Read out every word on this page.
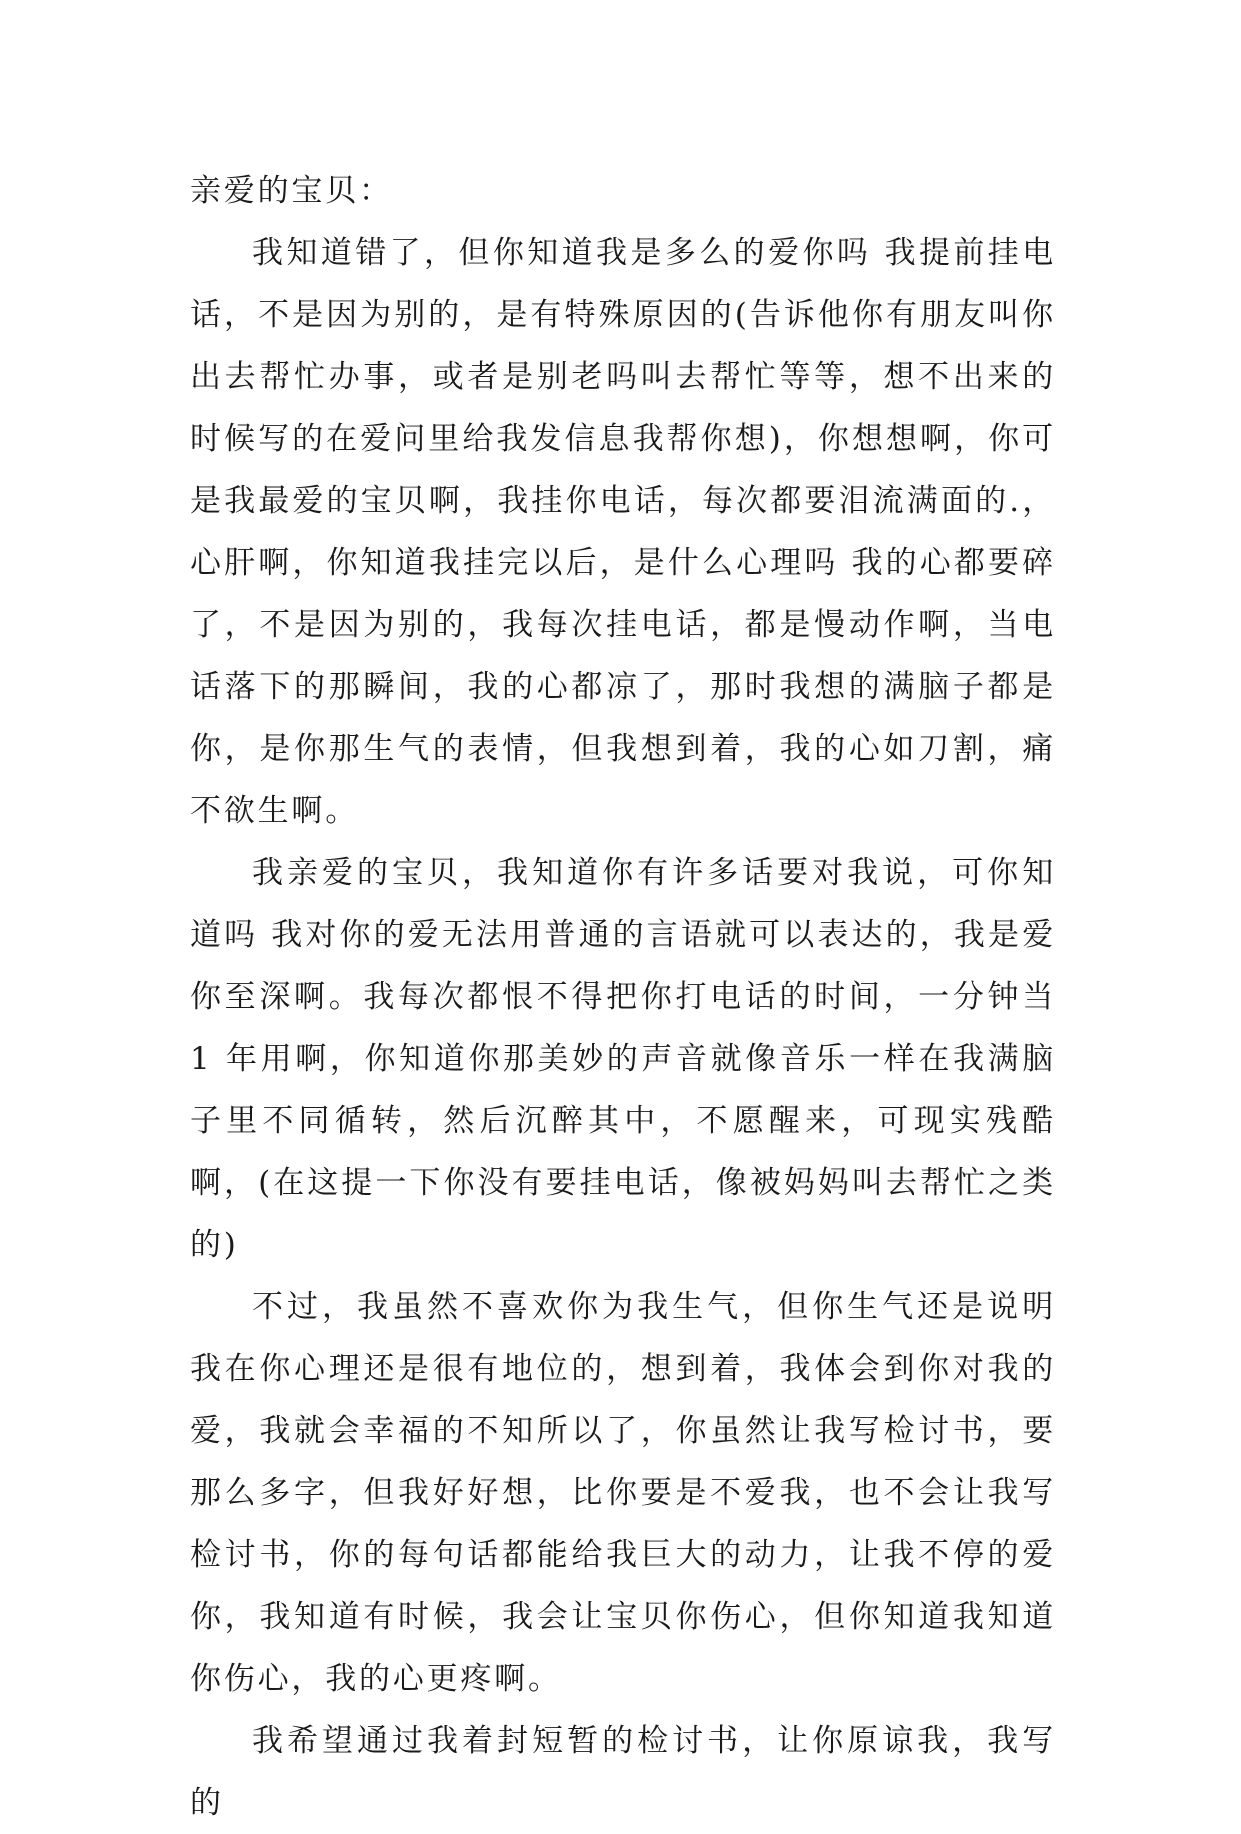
亲爱的宝贝：

我知道错了，但你知道我是多么的爱你吗 我提前挂电话，不是因为别的，是有特殊原因的(告诉他你有朋友叫你出去帮忙办事，或者是别老吗叫去帮忙等等，想不出来的时候写的在爱问里给我发信息我帮你想)，你想想啊，你可是我最爱的宝贝啊，我挂你电话，每次都要泪流满面的.，心肝啊，你知道我挂完以后，是什么心理吗 我的心都要碎了，不是因为别的，我每次挂电话，都是慢动作啊，当电话落下的那瞬间，我的心都凉了，那时我想的满脑子都是你，是你那生气的表情，但我想到着，我的心如刀割，痛不欲生啊。

我亲爱的宝贝，我知道你有许多话要对我说，可你知道吗 我对你的爱无法用普通的言语就可以表达的，我是爱你至深啊。我每次都恨不得把你打电话的时间，一分钟当 1 年用啊，你知道你那美妙的声音就像音乐一样在我满脑子里不同循转，然后沉醉其中，不愿醒来，可现实残酷啊，(在这提一下你没有要挂电话，像被妈妈叫去帮忙之类的)

不过，我虽然不喜欢你为我生气，但你生气还是说明我在你心理还是很有地位的，想到着，我体会到你对我的爱，我就会幸福的不知所以了，你虽然让我写检讨书，要那么多字，但我好好想，比你要是不爱我，也不会让我写检讨书，你的每句话都能给我巨大的动力，让我不停的爱你，我知道有时候，我会让宝贝你伤心，但你知道我知道你伤心，我的心更疼啊。

我希望通过我着封短暂的检讨书，让你原谅我，我写的
